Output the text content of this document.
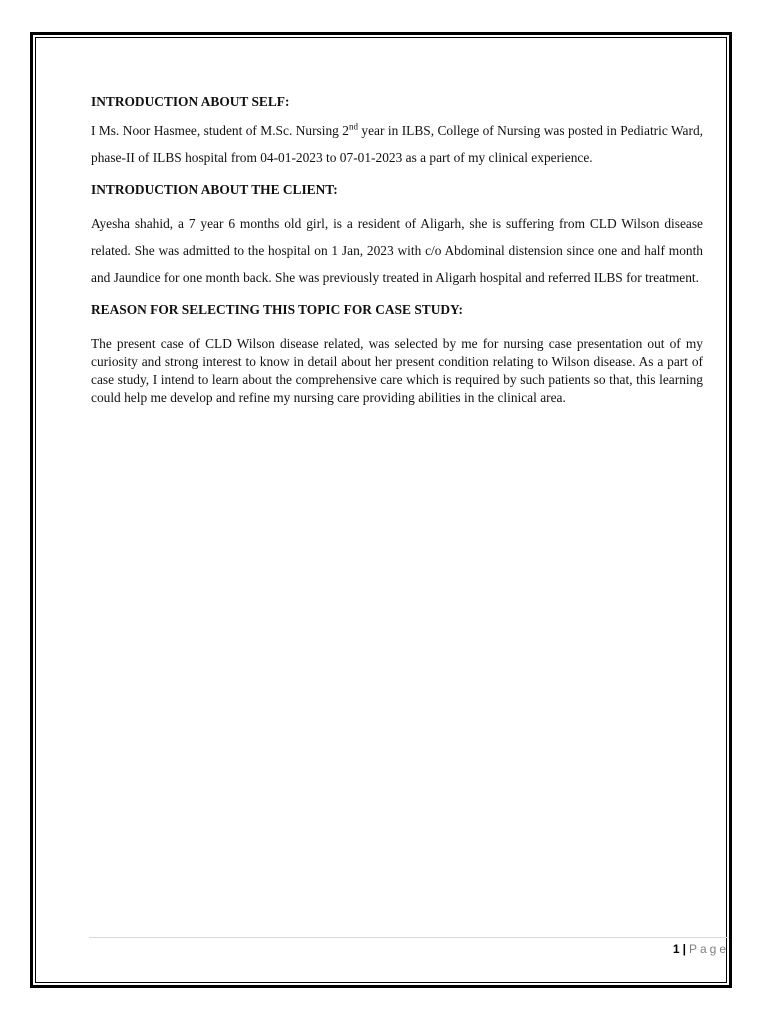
INTRODUCTION ABOUT SELF:

I Ms. Noor Hasmee, student of M.Sc. Nursing 2nd year in ILBS, College of Nursing was posted in Pediatric Ward, phase-II of ILBS hospital from 04-01-2023 to 07-01-2023 as a part of my clinical experience.

INTRODUCTION ABOUT THE CLIENT:

Ayesha shahid, a 7 year 6 months old girl, is a resident of Aligarh, she is suffering from CLD Wilson disease related. She was admitted to the hospital on 1 Jan, 2023 with c/o Abdominal distension since one and half month and Jaundice for one month back. She was previously treated in Aligarh hospital and referred ILBS for treatment.

REASON FOR SELECTING THIS TOPIC FOR CASE STUDY:

The present case of CLD Wilson disease related, was selected by me for nursing case presentation out of my curiosity and strong interest to know in detail about her present condition relating to Wilson disease. As a part of case study, I intend to learn about the comprehensive care which is required by such patients so that, this learning could help me develop and refine my nursing care providing abilities in the clinical area.

1 | Page
